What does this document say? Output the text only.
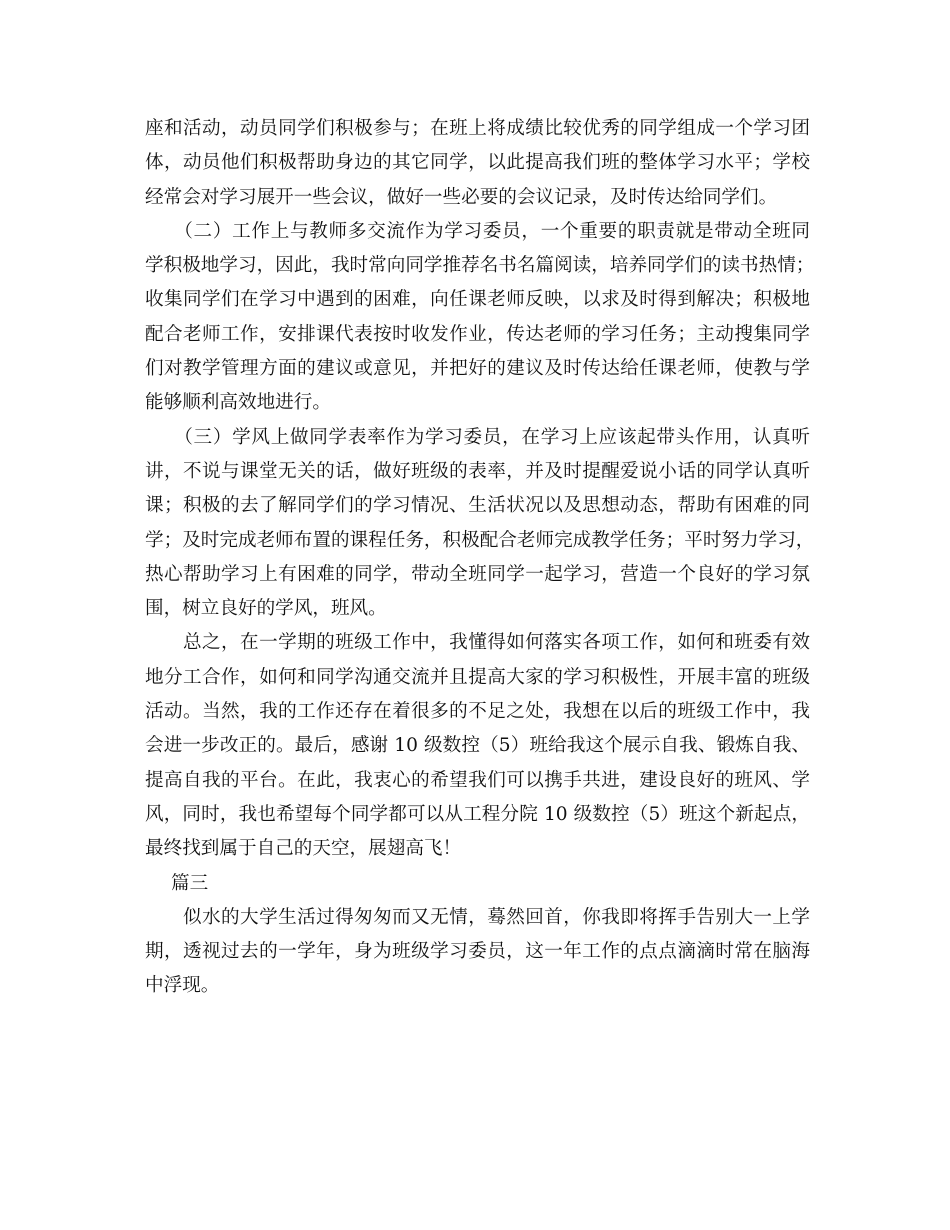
座和活动，动员同学们积极参与；在班上将成绩比较优秀的同学组成一个学习团
体，动员他们积极帮助身边的其它同学，以此提高我们班的整体学习水平；学校
经常会对学习展开一些会议，做好一些必要的会议记录，及时传达给同学们。
　　（二）工作上与教师多交流作为学习委员，一个重要的职责就是带动全班同
学积极地学习，因此，我时常向同学推荐名书名篇阅读，培养同学们的读书热情；
收集同学们在学习中遇到的困难，向任课老师反映，以求及时得到解决；积极地
配合老师工作，安排课代表按时收发作业，传达老师的学习任务；主动搜集同学
们对教学管理方面的建议或意见，并把好的建议及时传达给任课老师，使教与学
能够顺利高效地进行。
　　（三）学风上做同学表率作为学习委员，在学习上应该起带头作用，认真听
讲，不说与课堂无关的话，做好班级的表率，并及时提醒爱说小话的同学认真听
课；积极的去了解同学们的学习情况、生活状况以及思想动态，帮助有困难的同
学；及时完成老师布置的课程任务，积极配合老师完成教学任务；平时努力学习，
热心帮助学习上有困难的同学，带动全班同学一起学习，营造一个良好的学习氛
围，树立良好的学风，班风。
　　总之，在一学期的班级工作中，我懂得如何落实各项工作，如何和班委有效
地分工合作，如何和同学沟通交流并且提高大家的学习积极性，开展丰富的班级
活动。当然，我的工作还存在着很多的不足之处，我想在以后的班级工作中，我
会进一步改正的。最后，感谢 10 级数控（5）班给我这个展示自我、锻炼自我、
提高自我的平台。在此，我衷心的希望我们可以携手共进，建设良好的班风、学
风，同时，我也希望每个同学都可以从工程分院 10 级数控（5）班这个新起点，
最终找到属于自己的天空，展翅高飞！
篇三
　　似水的大学生活过得匆匆而又无情，蓦然回首，你我即将挥手告别大一上学
期，透视过去的一学年，身为班级学习委员，这一年工作的点点滴滴时常在脑海
中浮现。
